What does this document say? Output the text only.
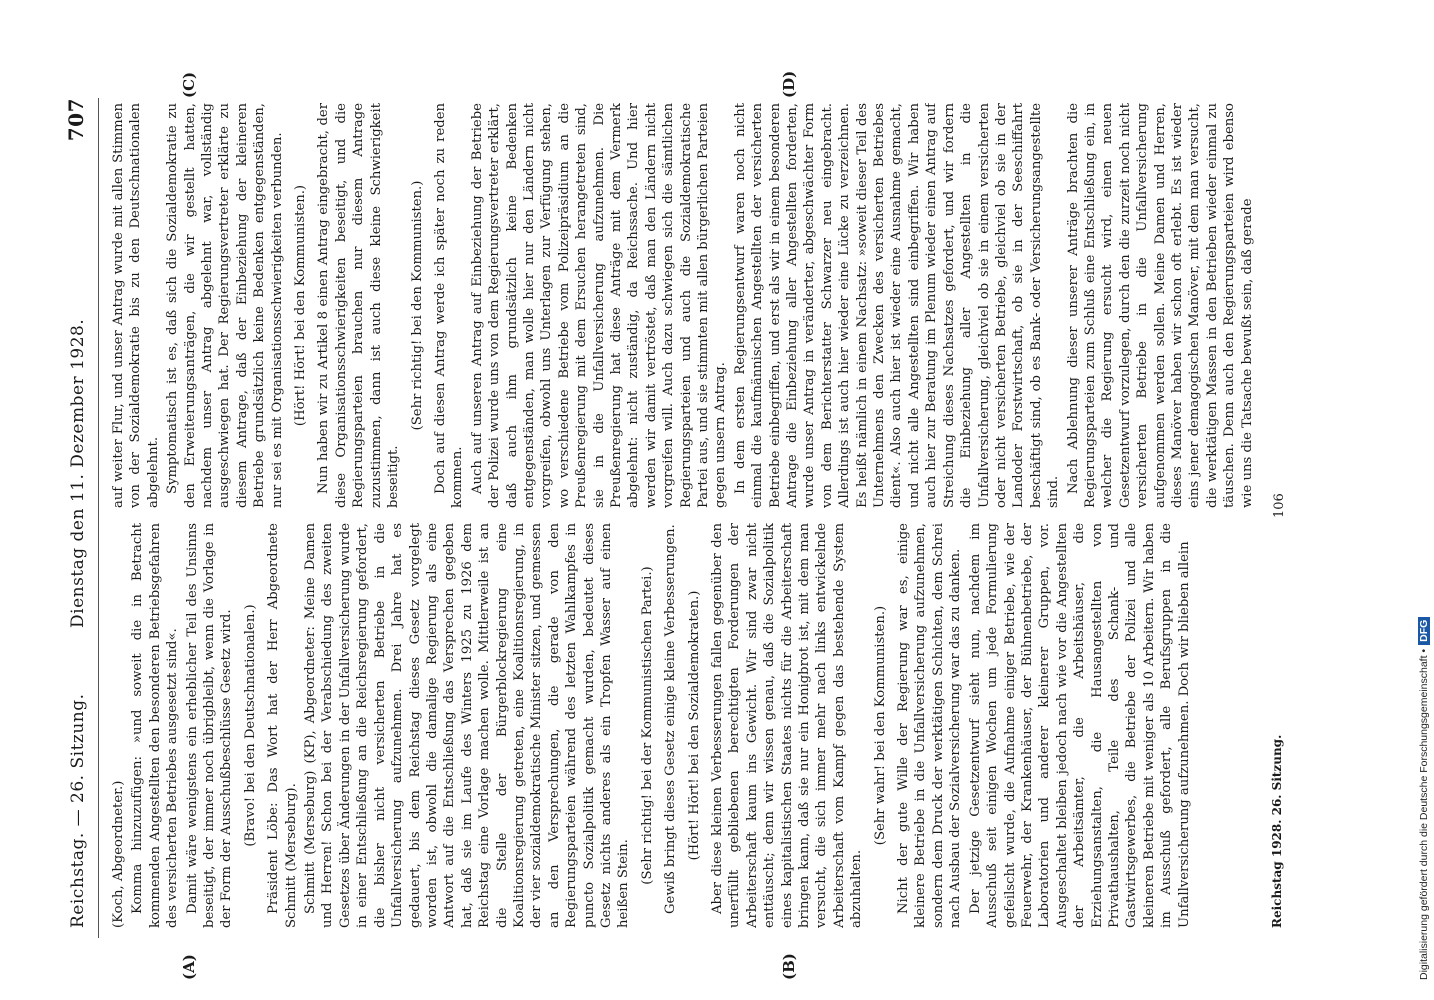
Reichstag. — 26. Sitzung.
Dienstag den 11. Dezember 1928.
707
(A)	(B)
(C)	(D)

(Koch, Abgeordneter.) Komma hinzuzufügen: »und soweit die in Betracht kommenden Angestellten den besonderen Betriebsgefahren des versicherten Betriebes ausgesetzt sind«. Damit wäre wenigstens ein erheblicher Teil des Unsinns beseitigt, der immer noch übrigbleibt, wenn die Vorlage in der Form der Ausschußbeschlüsse Gesetz wird. (Bravo! bei den Deutschnationalen.) Präsident Löbe: Das Wort hat der Herr Abgeordnete Schmitt (Merseburg). Schmitt (Merseburg) (KP), Abgeordneter: Meine Damen und Herren! Schon bei der Verabschiedung des zweiten Gesetzes über Änderungen in der Unfallversicherung wurde in einer Entschließung an die Reichsregierung gefordert, die bisher nicht versicherten Betriebe in die Unfallversicherung aufzunehmen. Drei Jahre hat es gedauert, bis dem Reichstag dieses Gesetz vorgelegt worden ist, obwohl die damalige Regierung als eine Antwort auf die Entschließung das Versprechen gegeben hat, daß sie im Laufe des Winters 1925 zu 1926 dem Reichstag eine Vorlage machen wolle. Mittlerweile ist an die Stelle der Bürgerblockregierung eine Koalitionsregierung getreten, eine Koalitionsregierung, in der vier sozialdemokratische Minister sitzen, und gemessen an den Versprechungen, die gerade von den Regierungsparteien während des letzten Wahlkampfes in puncto Sozialpolitik gemacht wurden, bedeutet dieses Gesetz nichts anderes als ein Tropfen Wasser auf einen heißen Stein. (Sehr richtig! bei der Kommunistischen Partei.) Gewiß bringt dieses Gesetz einige kleine Verbesserungen. (Hört! Hört! bei den Sozialdemokraten.) Aber diese kleinen Verbesserungen fallen gegenüber den unerfüllt gebliebenen berechtigten Forderungen der Arbeiterschaft kaum ins Gewicht. Wir sind zwar nicht enttäuscht; denn wir wissen genau, daß die Sozialpolitik eines kapitalistischen Staates nichts für die Arbeiterschaft bringen kann, daß sie nur ein Honigbrot ist, mit dem man versucht, die sich immer mehr nach links entwickelnde Arbeiterschaft vom Kampf gegen das bestehende System abzuhalten.

(Sehr wahr! bei den Kommunisten.) Nicht der gute Wille der Regierung war es, einige kleinere Betriebe in die Unfallversicherung aufzunehmen, sondern dem Druck der werktätigen Schichten, dem Schrei nach Ausbau der Sozialversicherung war das zu danken. Der jetzige Gesetzentwurf sieht nun, nachdem im Ausschuß seit einigen Wochen um jede Formulierung gefeilscht wurde, die Aufnahme einiger Betriebe, wie der Feuerwehr, der Krankenhäuser, der Bühnenbetriebe, der Laboratorien und anderer kleinerer Gruppen, vor. Ausgeschaltet bleiben jedoch nach wie vor die Angestellten der Arbeitsämter, die Arbeitshäuser, die Erziehungsanstalten, die Hausangestellten von Privathaushalten, Teile des Schank- und Gastwirtsgewerbes, die Betriebe der Polizei und alle kleineren Betriebe mit weniger als 10 Arbeitern. Wir haben im Ausschuß gefordert, alle Berufsgruppen in die Unfallversicherung aufzunehmen. Doch wir blieben allein

auf weiter Flur, und unser Antrag wurde mit allen Stimmen von der Sozialdemokratie bis zu den Deutschnationalen abgelehnt. Symptomatisch ist es, daß sich die Sozialdemokratie zu den Erweiterungsanträgen, die wir gestellt hatten, nachdem unser Antrag abgelehnt war, vollständig ausgeschwiegen hat. Der Regierungsvertreter erklärte zu diesem Antrage, daß der Einbeziehung der kleineren Betriebe grundsätzlich keine Bedenken entgegenständen, nur sei es mit Organisationsschwierigkeiten verbunden. (Hört! Hört! bei den Kommunisten.) Nun haben wir zu Artikel 8 einen Antrag eingebracht, der diese Organisationsschwierigkeiten beseitigt, und die Regierungsparteien brauchen nur diesem Antrage zuzustimmen, dann ist auch diese kleine Schwierigkeit beseitigt.

(Sehr richtig! bei den Kommunisten.) Doch auf diesen Antrag werde ich später noch zu reden kommen. Auch auf unseren Antrag auf Einbeziehung der Betriebe der Polizei wurde uns von dem Regierungsvertreter erklärt, daß auch ihm grundsätzlich keine Bedenken entgegenständen, man wolle hier nur den Ländern nicht vorgreifen, obwohl uns Unterlagen zur Verfügung stehen, wo verschiedene Betriebe vom Polizeipräsidium an die Preußenregierung mit dem Ersuchen herangetreten sind, sie in die Unfallversicherung aufzunehmen. Die Preußenregierung hat diese Anträge mit dem Vermerk abgelehnt: nicht zuständig, da Reichssache. Und hier werden wir damit vertröstet, daß man den Ländern nicht vorgreifen will. Auch dazu schwiegen sich die sämtlichen Regierungsparteien und auch die Sozialdemokratische Partei aus, und sie stimmten mit allen bürgerlichen Parteien gegen unsern Antrag. In dem ersten Regierungsentwurf waren noch nicht einmal die kaufmännischen Angestellten der versicherten Betriebe einbegriffen, und erst als wir in einem besonderen Antrage die Einbeziehung aller Angestellten forderten, wurde unser Antrag in veränderter, abgeschwächter Form von dem Berichterstatter Schwarzer neu eingebracht. Allerdings ist auch hier wieder eine Lücke zu verzeichnen. Es heißt nämlich in einem Nachsatz: »soweit dieser Teil des Unternehmens den Zwecken des versicherten Betriebes dient«. Also auch hier ist wieder eine Ausnahme gemacht, und nicht alle Angestellten sind einbegriffen. Wir haben auch hier zur Beratung im Plenum wieder einen Antrag auf Streichung dieses Nachsatzes gefordert, und wir fordern die Einbeziehung aller Angestellten in die Unfallversicherung, gleichviel ob sie in einem versicherten oder nicht versicherten Betriebe, gleichviel ob sie in der Landoder Forstwirtschaft, ob sie in der Seeschiffahrt beschäftigt sind, ob es Bank- oder Versicherungsangestellte sind. Nach Ablehnung dieser unserer Anträge brachten die Regierungsparteien zum Schluß eine Entschließung ein, in welcher die Regierung ersucht wird, einen neuen Gesetzentwurf vorzulegen, durch den die zurzeit noch nicht versicherten Betriebe in die Unfallversicherung aufgenommen werden sollen. Meine Damen und Herren, dieses Manöver haben wir schon oft erlebt. Es ist wieder eins jener demagogischen Manöver, mit dem man versucht, die werktätigen Massen in den Betrieben wieder einmal zu täuschen. Denn auch den Regierungsparteien wird ebenso wie uns die Tatsache bewußt sein, daß gerade

Reichstag 1928. 26. Sitzung.
106
Digitalisierung gefördert durch die Deutsche Forschungsgemeinschaft •DFG
